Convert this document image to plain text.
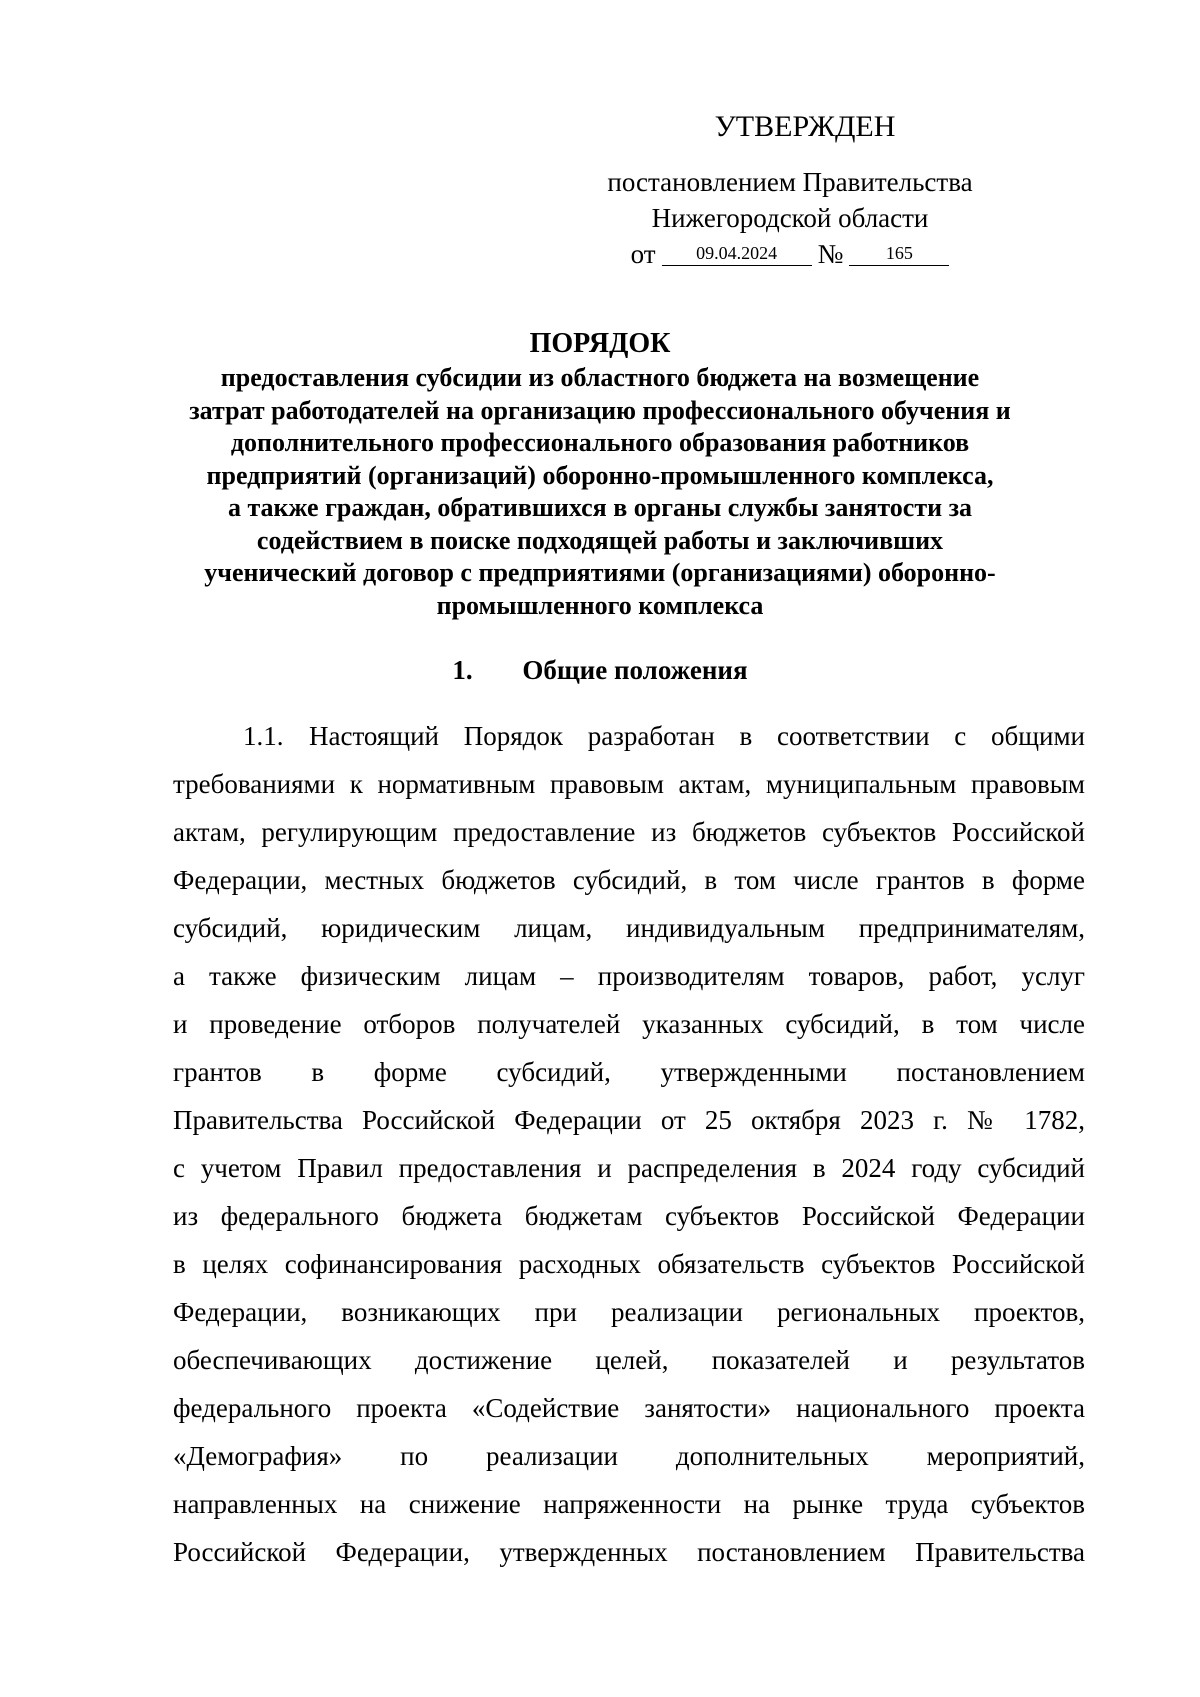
УТВЕРЖДЕН
постановлением Правительства
Нижегородской области
от	09.04.2024	№	165
ПОРЯДОК
предоставления субсидии из областного бюджета на возмещение
затрат работодателей на организацию профессионального обучения и
дополнительного профессионального образования работников
предприятий (организаций) оборонно-промышленного комплекса,
а также граждан, обратившихся в органы службы занятости за
содействием в поиске подходящей работы и заключивших
ученический договор с предприятиями (организациями) оборонно-
промышленного комплекса
1. Общие положения
1.1. Настоящий Порядок разработан в соответствии с общими
требованиями к нормативным правовым актам, муниципальным правовым
актам, регулирующим предоставление из бюджетов субъектов Российской
Федерации, местных бюджетов субсидий, в том числе грантов в форме
субсидий, юридическим лицам, индивидуальным предпринимателям,
а также физическим лицам – производителям товаров, работ, услуг
и проведение отборов получателей указанных субсидий, в том числе
грантов в форме субсидий, утвержденными постановлением
Правительства Российской Федерации от 25 октября 2023 г. № 1782,
с учетом Правил предоставления и распределения в 2024 году субсидий
из федерального бюджета бюджетам субъектов Российской Федерации
в целях софинансирования расходных обязательств субъектов Российской
Федерации, возникающих при реализации региональных проектов,
обеспечивающих достижение целей, показателей и результатов
федерального проекта «Содействие занятости» национального проекта
«Демография» по реализации дополнительных мероприятий,
направленных на снижение напряженности на рынке труда субъектов
Российской Федерации, утвержденных постановлением Правительства
